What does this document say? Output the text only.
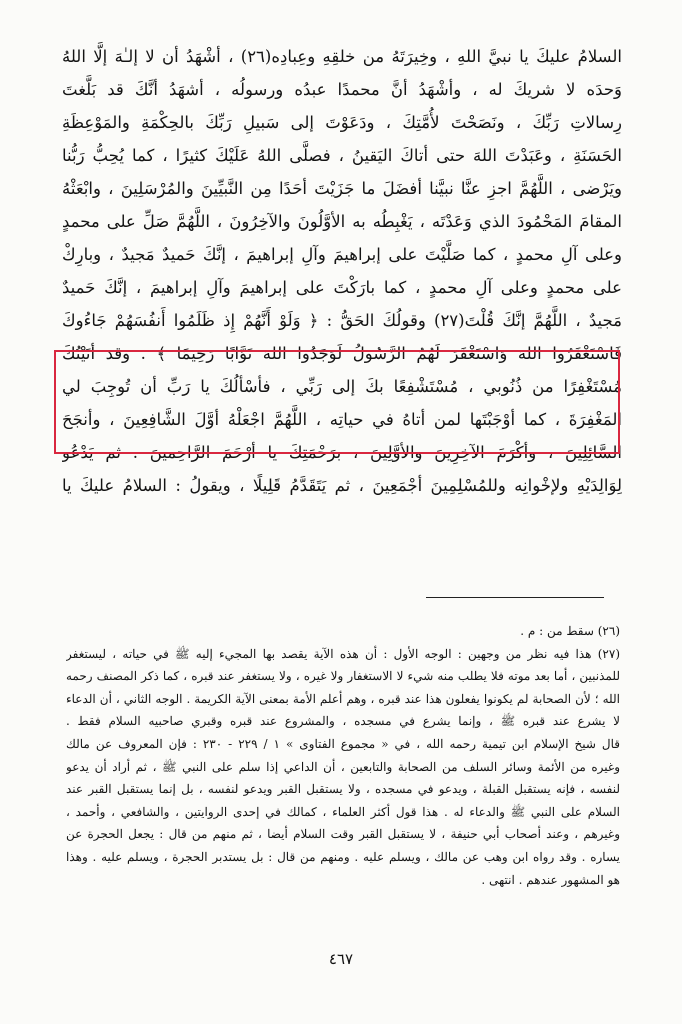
السلامُ عليكَ يا نبيَّ اللهِ ، وخِيرَتَهُ من خلقِهِ وعِبادِه(٢٦) ، أشْهَدُ أن لا إلـٰهَ إلَّا اللهُ
وَحدَه لا شريكَ له ، وأشْهَدُ أنَّ محمدًا عبدُه ورسولُه ، أشهَدُ أنَّكَ قد بَلَّغتَ
رِسالاتِ رَبِّكَ ، ونَصَحْتَ لأُمَّتِكَ ، ودَعَوْتَ إلى سَبيلِ رَبِّكَ بالحِكْمَةِ والمَوْعِظَةِ
الحَسَنَةِ ، وعَبَدْتَ اللهَ حتى أتاكَ اليَقينُ ، فصلَّى اللهُ عَلَيْكَ كثيرًا ، كما يُحِبُّ رَبُّنا
ويَرْضى ، اللَّهُمَّ اجزِ عنَّا نبيَّنا أفضَلَ ما جَزَيْتَ أحَدًا مِن النَّبيِّينَ والمُرْسَلِينَ ، وابْعَثْهُ
المقامَ المَحْمُودَ الذي وَعَدْتَه ، يَغْبِطُه به الأوَّلُونَ والآخِرُونَ ، اللَّهُمَّ صَلِّ على محمدٍ
وعلى آلِ محمدٍ ، كما صَلَّيْتَ على إبراهيمَ وآلِ إبراهيمَ ، إنَّكَ حَميدٌ مَجيدٌ ، وبارِكْ
على محمدٍ وعلى آلِ محمدٍ ، كما بارَكْتَ على إبراهيمَ وآلِ إبراهيمَ ، إنَّكَ حَميدٌ
مَجيدٌ ، اللَّهُمَّ إنَّكَ قُلْتَ(٢٧) وقولُكَ الحَقُّ : ﴿ وَلَوْ أَنَّهُمْ إِذ ظَلَمُوا أَنفُسَهُمْ جَاءُوكَ
فَاسْتَغْفَرُوا اللهَ وَاسْتَغْفَرَ لَهُمُ الرَّسُولُ لَوَجَدُوا اللهَ تَوَّابًا رَحِيمًا ﴾ . وقد أتَيْتُكَ
مُسْتَغْفِرًا من ذُنُوبي ، مُسْتَشْفِعًا بكَ إلى رَبِّي ، فأسْألُكَ يا رَبِّ أن تُوجِبَ لي
المَغْفِرَةَ ، كما أوْجَبْتَها لمن أتاهُ في حياتِه ، اللَّهُمَّ اجْعَلْهُ أوَّلَ الشَّافِعِينَ ، وأنجَحَ
السَّائِلِينَ ، وأكْرَمَ الآخِرِينَ والأوَّلِينَ ، برَحْمَتِكَ يا أرْحَمَ الرَّاحِمينَ . ثم يَدْعُو
لِوَالِدَيْهِ ولإخْوانِه وللمُسْلِمِينَ أجْمَعِينَ ، ثم يَتَقَدَّمُ قَلِيلًا ، ويقولُ : السلامُ عليكَ يا
(٢٦) سقط من : م .
(٢٧) هذا فيه نظر من وجهين : الوجه الأول : أن هذه الآية يقصد بها المجيء إليه ﷺ في حياته ، ليستغفر
للمذنبين ، أما بعد موته فلا يطلب منه شيء لا الاستغفار ولا غيره ، ولا يستغفر عند قبره ، كما ذكر المصنف رحمه
الله ؛ لأن الصحابة لم يكونوا يفعلون هذا عند قبره ، وهم أعلم الأمة بمعنى الآية الكريمة . الوجه الثاني ، أن الدعاء
لا يشرع عند قبره ﷺ ، وإنما يشرع في مسجده ، والمشروع عند قبره وقبري صاحبيه السلام فقط .
قال شيخ الإسلام ابن تيمية رحمه الله ، في « مجموع الفتاوى » ١ / ٢٢٩ - ٢٣٠ : فإن المعروف عن مالك
وغيره من الأئمة وسائر السلف من الصحابة والتابعين ، أن الداعي إذا سلم على النبي ﷺ ، ثم أراد أن يدعو
لنفسه ، فإنه يستقبل القبلة ، ويدعو في مسجده ، ولا يستقبل القبر ويدعو لنفسه ، بل إنما يستقبل القبر عند
السلام على النبي ﷺ والدعاء له . هذا قول أكثر العلماء ، كمالك في إحدى الروايتين ، والشافعي ، وأحمد ،
وغيرهم ، وعند أصحاب أبي حنيفة ، لا يستقبل القبر وقت السلام أيضا ، ثم منهم من قال : يجعل الحجرة عن
يساره . وقد رواه ابن وهب عن مالك ، ويسلم عليه . ومنهم من قال : بل يستدبر الحجرة ، ويسلم عليه . وهذا
هو المشهور عندهم . انتهى .
٤٦٧
